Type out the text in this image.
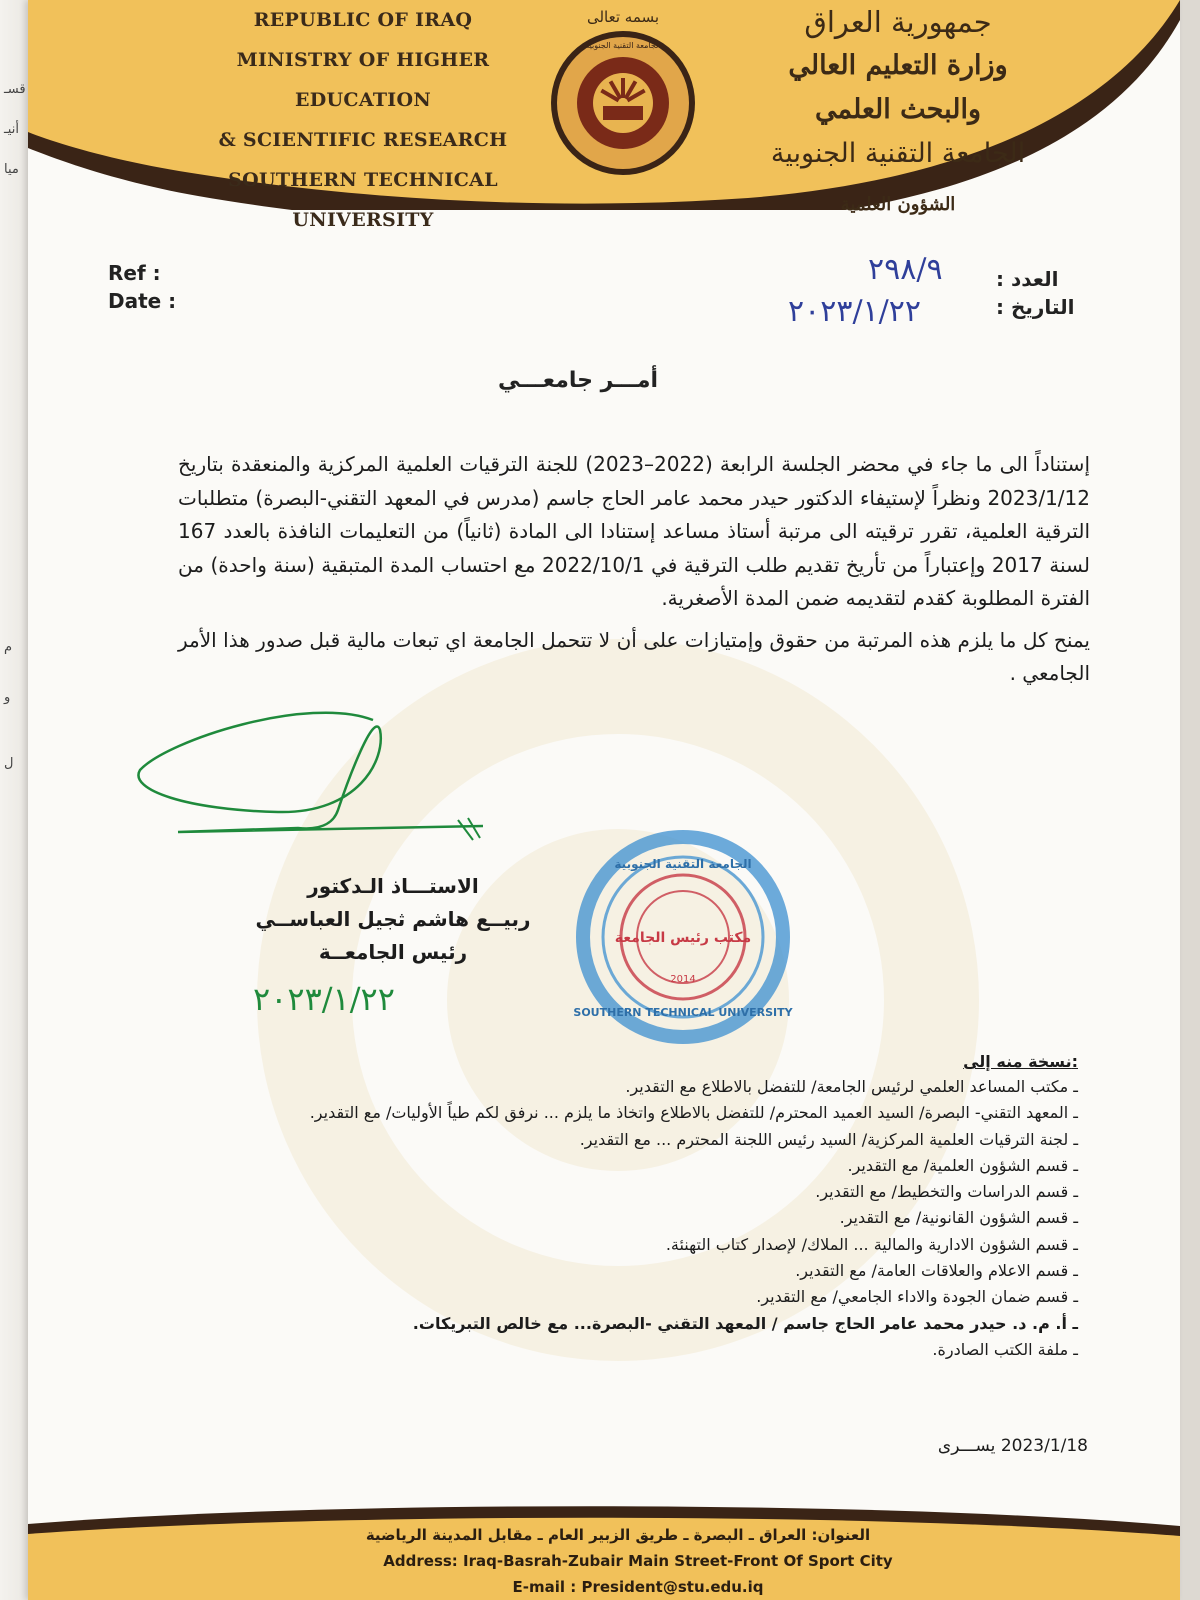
قسـ
أنيـ
ميا
م
و
ل
REPUBLIC OF IRAQ
MINISTRY OF HIGHER EDUCATION
& SCIENTIFIC RESEARCH
SOUTHERN TECHNICAL UNIVERSITY
بسمه تعالى
الجامعة التقنية الجنوبية
جمهورية العراق
وزارة التعليم العالي والبحث العلمي
الجامعة التقنية الجنوبية
الشؤون العلمية
Ref :
Date :
العدد :
التاريخ :
٢٩٨/٩
٢٠٢٣/١/٢٢
أمـــر جامعـــي

إستناداً الى ما جاء في محضر الجلسة الرابعة (2022–2023) للجنة الترقيات العلمية المركزية والمنعقدة بتاريخ 2023/1/12 ونظراً لإستيفاء الدكتور حيدر محمد عامر الحاج جاسم (مدرس في المعهد التقني-البصرة) متطلبات الترقية العلمية، تقرر ترقيته الى مرتبة أستاذ مساعد إستنادا الى المادة (ثانياً) من التعليمات النافذة بالعدد 167 لسنة 2017 وإعتباراً من تأريخ تقديم طلب الترقية في 2022/10/1 مع احتساب المدة المتبقية (سنة واحدة) من الفترة المطلوبة كقدم لتقديمه ضمن المدة الأصغرية.

يمنح كل ما يلزم هذه المرتبة من حقوق وإمتيازات على أن لا تتحمل الجامعة اي تبعات مالية قبل صدور هذا الأمر الجامعي .

الاستـــاذ الـدكتور
ربيــع هاشم ثجيل العباســي
رئيس الجامعــة
٢٠٢٣/١/٢٢
مكتب رئيس الجامعة
الجامعة التقنية الجنوبية
SOUTHERN TECHNICAL UNIVERSITY
2014
نسخة منه إلى:
ـ مكتب المساعد العلمي لرئيس الجامعة/ للتفضل بالاطلاع مع التقدير.
ـ المعهد التقني- البصرة/ السيد العميد المحترم/ للتفضل بالاطلاع واتخاذ ما يلزم ... نرفق لكم طياً الأوليات/ مع التقدير.
ـ لجنة الترقيات العلمية المركزية/ السيد رئيس اللجنة المحترم ... مع التقدير.
ـ قسم الشؤون العلمية/ مع التقدير.
ـ قسم الدراسات والتخطيط/ مع التقدير.
ـ قسم الشؤون القانونية/ مع التقدير.
ـ قسم الشؤون الادارية والمالية ... الملاك/ لإصدار كتاب التهنئة.
ـ قسم الاعلام والعلاقات العامة/ مع التقدير.
ـ قسم ضمان الجودة والاداء الجامعي/ مع التقدير.
ـ أ. م. د. حيدر محمد عامر الحاج جاسم / المعهد التقني -البصرة... مع خالص التبريكات.
ـ ملفة الكتب الصادرة.
2023/1/18 يســـرى
العنوان: العراق ـ البصرة ـ طريق الزبير العام ـ مقابل المدينة الرياضية
Address: Iraq-Basrah-Zubair Main Street-Front Of Sport City
E-mail : President@stu.edu.iq
